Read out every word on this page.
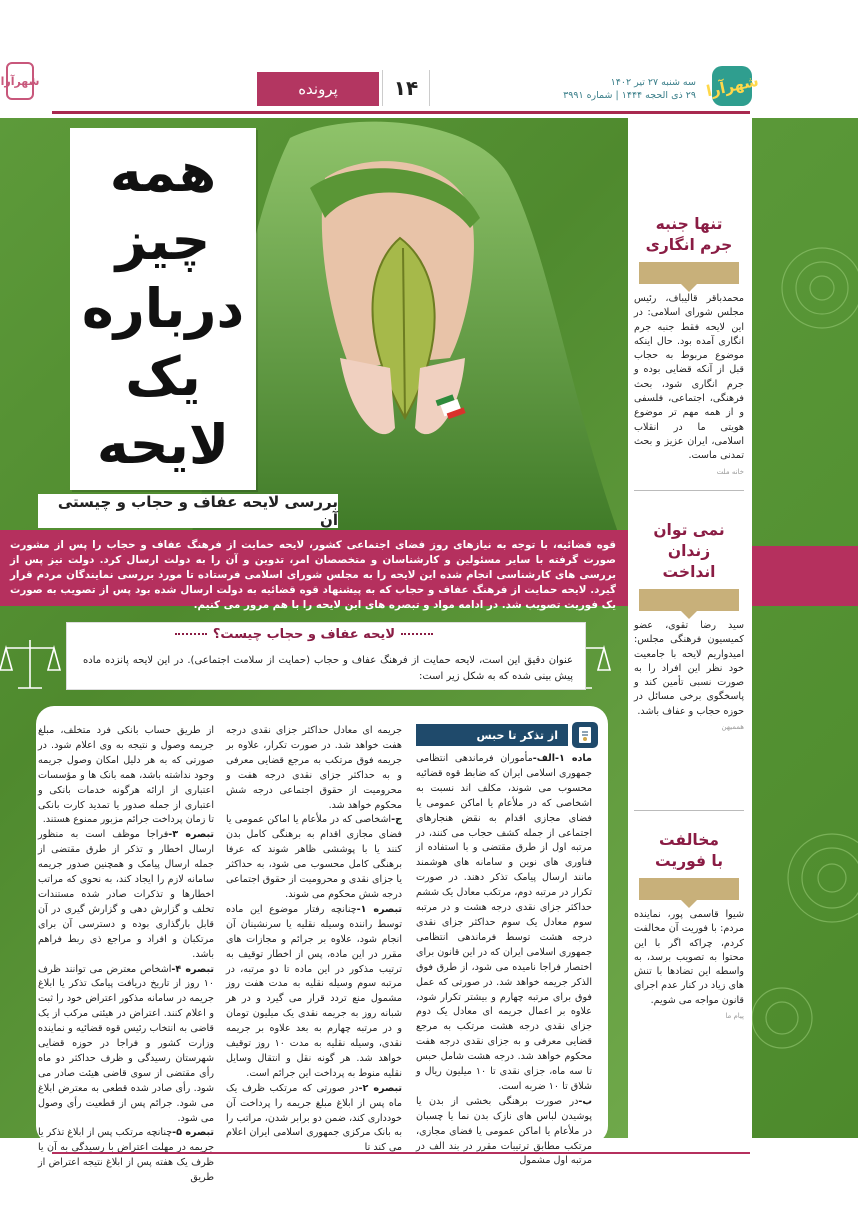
شهرآرا
سه شنبه ۲۷ تیر ۱۴۰۲
۲۹ ذی الحجه ۱۴۴۴ | شماره ۳۹۹۱
۱۴
پرونده
شهرآرا
همه
چیز
درباره
یک
لایحه
بررسی لایحه عفاف و حجاب و چیستی آن
قوه قضائیه، با توجه به نیازهای روز فضای اجتماعی کشور، لایحه حمایت از فرهنگ عفاف و حجاب را پس از مشورت صورت گرفته با سایر مسئولین و کارشناسان و متخصصان امر، تدوین و آن را به دولت ارسال کرد. دولت نیز پس از بررسی های کارشناسی انجام شده این لایحه را به مجلس شورای اسلامی فرستاده تا مورد بررسی نمایندگان مردم قرار گیرد. لایحه حمایت از فرهنگ عفاف و حجاب که به پیشنهاد قوه قضائیه به دولت ارسال شده بود پس از تصویب به صورت یک فوریت تصویب شد. در ادامه مواد و تبصره های این لایحه را با هم مرور می کنیم.
لایحه عفاف و حجاب چیست؟
عنوان دقیق این است، لایحه حمایت از فرهنگ عفاف و حجاب (حمایت از سلامت اجتماعی). در این لایحه پانزده ماده پیش بینی شده که به شکل زیر است:
از تذکر تا حبس

ماده ۱-الف-مأموران فرماندهی انتظامی جمهوری اسلامی ایران که ضابط قوه قضائیه محسوب می شوند، مکلف اند نسبت به اشخاصی که در ملأعام یا اماکن عمومی یا فضای مجازی اقدام به نقض هنجارهای اجتماعی از جمله کشف حجاب می کنند، در مرتبه اول از طرق مقتضی و با استفاده از فناوری های نوین و سامانه های هوشمند مانند ارسال پیامک تذکر دهند. در صورت تکرار در مرتبه دوم، مرتکب معادل یک ششم حداکثر جزای نقدی درجه هشت و در مرتبه سوم معادل یک سوم حداکثر جزای نقدی درجه هشت توسط فرماندهی انتظامی جمهوری اسلامی ایران که در این قانون برای اختصار فراجا نامیده می شود، از طرق فوق الذکر جریمه خواهد شد. در صورتی که عمل فوق برای مرتبه چهارم و بیشتر تکرار شود، علاوه بر اعمال جریمه ای معادل یک دوم جزای نقدی درجه هشت مرتکب به مرجع قضایی معرفی و به جزای نقدی درجه هفت محکوم خواهد شد. درجه هشت شامل حبس تا سه ماه، جزای نقدی تا ۱۰ میلیون ریال و شلاق تا ۱۰ ضربه است.

ب-در صورت برهنگی بخشی از بدن یا پوشیدن لباس های نازک بدن نما یا چسبان در ملأعام یا اماکن عمومی یا فضای مجازی، مرتکب مطابق ترتیبات مقرر در بند الف در مرتبه اول مشمول

جریمه ای معادل حداکثر جزای نقدی درجه هفت خواهد شد. در صورت تکرار، علاوه بر جریمه فوق مرتکب به مرجع قضایی معرفی و به حداکثر جزای نقدی درجه هفت و محرومیت از حقوق اجتماعی درجه شش محکوم خواهد شد.

ج-اشخاصی که در ملأعام یا اماکن عمومی یا فضای مجازی اقدام به برهنگی کامل بدن کنند یا با پوششی ظاهر شوند که عرفا برهنگی کامل محسوب می شود، به حداکثر یا جزای نقدی و محرومیت از حقوق اجتماعی درجه شش محکوم می شوند.

تبصره ۱-چنانچه رفتار موضوع این ماده توسط راننده وسیله نقلیه یا سرنشینان آن انجام شود، علاوه بر جرائم و مجازات های مقرر در این ماده، پس از اخطار توقیف به ترتیب مذکور در این ماده تا دو مرتبه، در مرتبه سوم وسیله نقلیه به مدت هفت روز مشمول منع تردد قرار می گیرد و در هر شبانه روز به جریمه نقدی یک میلیون تومان و در مرتبه چهارم به بعد علاوه بر جریمه نقدی، وسیله نقلیه به مدت ۱۰ روز توقیف خواهد شد. هر گونه نقل و انتقال وسایل نقلیه منوط به پرداخت این جرائم است.

تبصره ۲-در صورتی که مرتکب ظرف یک ماه پس از ابلاغ مبلغ جریمه را پرداخت آن خودداری کند، ضمن دو برابر شدن، مراتب را به بانک مرکزی جمهوری اسلامی ایران اعلام می کند تا

از طریق حساب بانکی فرد متخلف، مبلغ جریمه وصول و نتیجه به وی اعلام شود. در صورتی که به هر دلیل امکان وصول جریمه وجود نداشته باشد، همه بانک ها و مؤسسات اعتباری از ارائه هرگونه خدمات بانکی و اعتباری از جمله صدور یا تمدید کارت بانکی تا زمان پرداخت جرائم مزبور ممنوع هستند.

تبصره ۳-فراجا موظف است به منظور ارسال اخطار و تذکر از طرق مقتضی از جمله ارسال پیامک و همچنین صدور جریمه سامانه لازم را ایجاد کند، به نحوی که مراتب اخطارها و تذکرات صادر شده مستندات تخلف و گزارش دهی و گزارش گیری در آن قابل بارگذاری بوده و دسترسی آن برای مرتکبان و افراد و مراجع ذی ربط فراهم باشد.

تبصره ۴-اشخاص معترض می توانند ظرف ۱۰ روز از تاریخ دریافت پیامک تذکر یا ابلاغ جریمه در سامانه مذکور اعتراض خود را ثبت و اعلام کنند. اعتراض در هیئتی مرکب از یک قاضی به انتخاب رئیس قوه قضائیه و نماینده وزارت کشور و فراجا در حوزه قضایی شهرستان رسیدگی و ظرف حداکثر دو ماه رأی مقتضی از سوی قاضی هیئت صادر می شود. رأی صادر شده قطعی به معترض ابلاغ می شود. جرائم پس از قطعیت رأی وصول می شود.

تبصره ۵-چنانچه مرتکب پس از ابلاغ تذکر یا جریمه در مهلت اعتراض با رسیدگی به آن یا ظرف یک هفته پس از ابلاغ نتیجه اعتراض از طریق

تنها جنبه
جرم انگاری
محمدباقر قالیباف، رئیس مجلس شورای اسلامی: در این لایحه فقط جنبه جرم انگاری آمده بود. حال اینکه موضوع مربوط به حجاب قبل از آنکه قضایی بوده و جرم انگاری شود، بحث فرهنگی، اجتماعی، فلسفی و از همه مهم تر موضوع هویتی ما در انقلاب اسلامی، ایران عزیز و بحث تمدنی ماست.
خانه ملت
نمی توان
زندان
انداخت
سید رضا تقوی، عضو کمیسیون فرهنگی مجلس: امیدواریم لایحه با جامعیت خود نظر این افراد را به صورت نسبی تأمین کند و پاسخگوی برخی مسائل در حوزه حجاب و عفاف باشد.
هممیهن
مخالفت
با فوریت
شیوا قاسمی پور، نماینده مردم: با فوریت آن مخالفت کردم، چراکه اگر با این محتوا به تصویب برسد، به واسطه این تضادها با تنش های زیاد در کنار عدم اجرای قانون مواجه می شویم.
پیام ما
